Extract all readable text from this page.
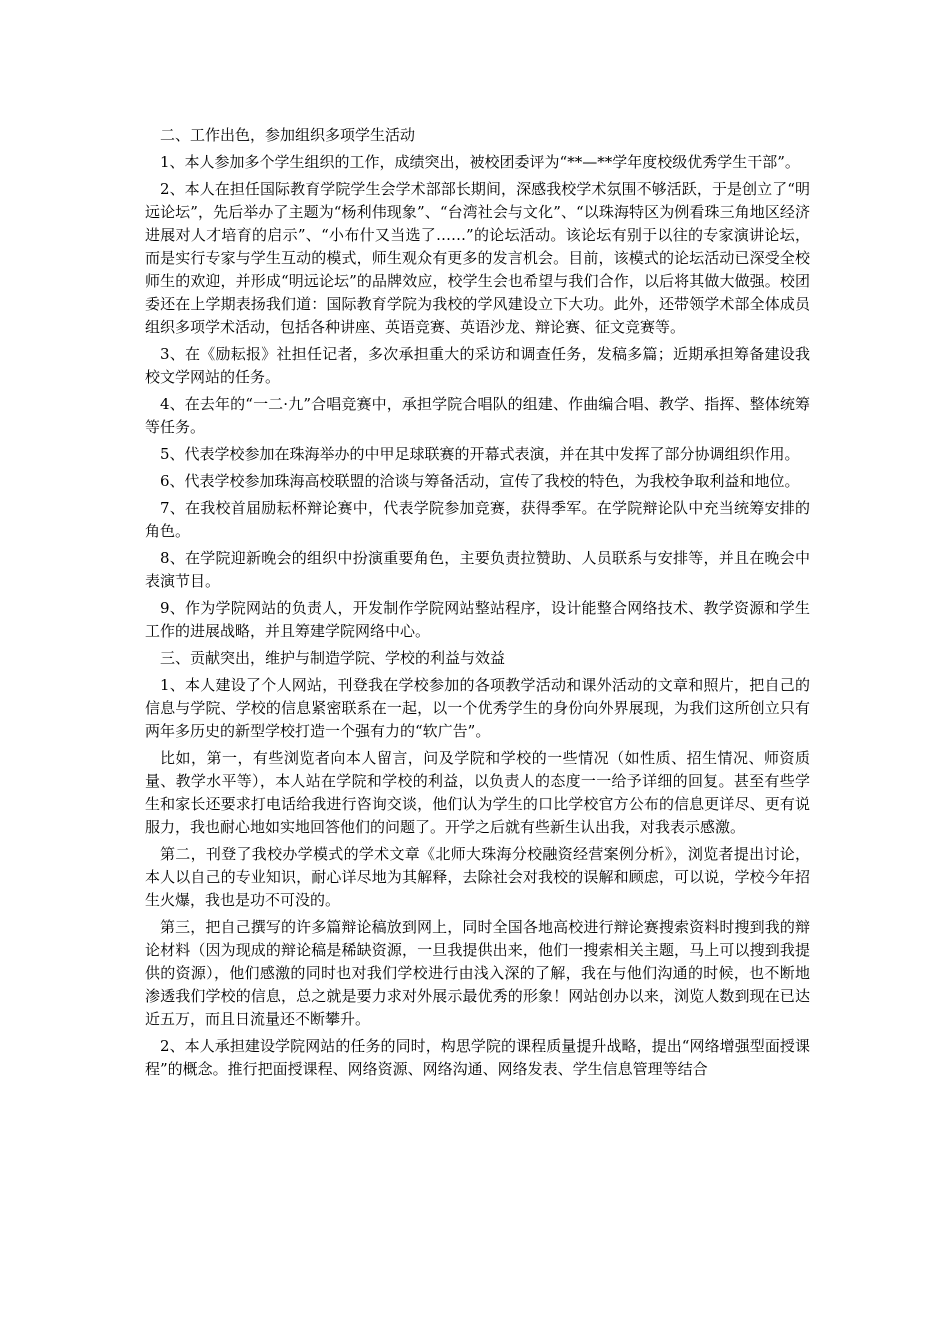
二、工作出色，参加组织多项学生活动

1、本人参加多个学生组织的工作，成绩突出，被校团委评为“**—**学年度校级优秀学生干部”。

2、本人在担任国际教育学院学生会学术部部长期间，深感我校学术氛围不够活跃，于是创立了“明远论坛”，先后举办了主题为“杨利伟现象”、“台湾社会与文化”、“以珠海特区为例看珠三角地区经济进展对人才培育的启示”、“小布什又当选了……”的论坛活动。该论坛有别于以往的专家演讲论坛，而是实行专家与学生互动的模式，师生观众有更多的发言机会。目前，该模式的论坛活动已深受全校师生的欢迎，并形成“明远论坛”的品牌效应，校学生会也希望与我们合作，以后将其做大做强。校团委还在上学期表扬我们道：国际教育学院为我校的学风建设立下大功。此外，还带领学术部全体成员组织多项学术活动，包括各种讲座、英语竞赛、英语沙龙、辩论赛、征文竞赛等。

3、在《励耘报》社担任记者，多次承担重大的采访和调查任务，发稿多篇；近期承担筹备建设我校文学网站的任务。

4、在去年的“一二·九”合唱竞赛中，承担学院合唱队的组建、作曲编合唱、教学、指挥、整体统筹等任务。

5、代表学校参加在珠海举办的中甲足球联赛的开幕式表演，并在其中发挥了部分协调组织作用。

6、代表学校参加珠海高校联盟的洽谈与筹备活动，宣传了我校的特色，为我校争取利益和地位。

7、在我校首届励耘杯辩论赛中，代表学院参加竞赛，获得季军。在学院辩论队中充当统筹安排的角色。

8、在学院迎新晚会的组织中扮演重要角色，主要负责拉赞助、人员联系与安排等，并且在晚会中表演节目。

9、作为学院网站的负责人，开发制作学院网站整站程序，设计能整合网络技术、教学资源和学生工作的进展战略，并且筹建学院网络中心。

三、贡献突出，维护与制造学院、学校的利益与效益

1、本人建设了个人网站，刊登我在学校参加的各项教学活动和课外活动的文章和照片，把自己的信息与学院、学校的信息紧密联系在一起，以一个优秀学生的身份向外界展现，为我们这所创立只有两年多历史的新型学校打造一个强有力的“软广告”。

比如，第一，有些浏览者向本人留言，问及学院和学校的一些情况（如性质、招生情况、师资质量、教学水平等），本人站在学院和学校的利益，以负责人的态度一一给予详细的回复。甚至有些学生和家长还要求打电话给我进行咨询交谈，他们认为学生的口比学校官方公布的信息更详尽、更有说服力，我也耐心地如实地回答他们的问题了。开学之后就有些新生认出我，对我表示感激。

第二，刊登了我校办学模式的学术文章《北师大珠海分校融资经营案例分析》，浏览者提出讨论，本人以自己的专业知识，耐心详尽地为其解释，去除社会对我校的误解和顾虑，可以说，学校今年招生火爆，我也是功不可没的。

第三，把自己撰写的许多篇辩论稿放到网上，同时全国各地高校进行辩论赛搜索资料时搜到我的辩论材料（因为现成的辩论稿是稀缺资源，一旦我提供出来，他们一搜索相关主题，马上可以搜到我提供的资源），他们感激的同时也对我们学校进行由浅入深的了解，我在与他们沟通的时候，也不断地渗透我们学校的信息，总之就是要力求对外展示最优秀的形象！网站创办以来，浏览人数到现在已达近五万，而且日流量还不断攀升。

2、本人承担建设学院网站的任务的同时，构思学院的课程质量提升战略，提出“网络增强型面授课程”的概念。推行把面授课程、网络资源、网络沟通、网络发表、学生信息管理等结合
